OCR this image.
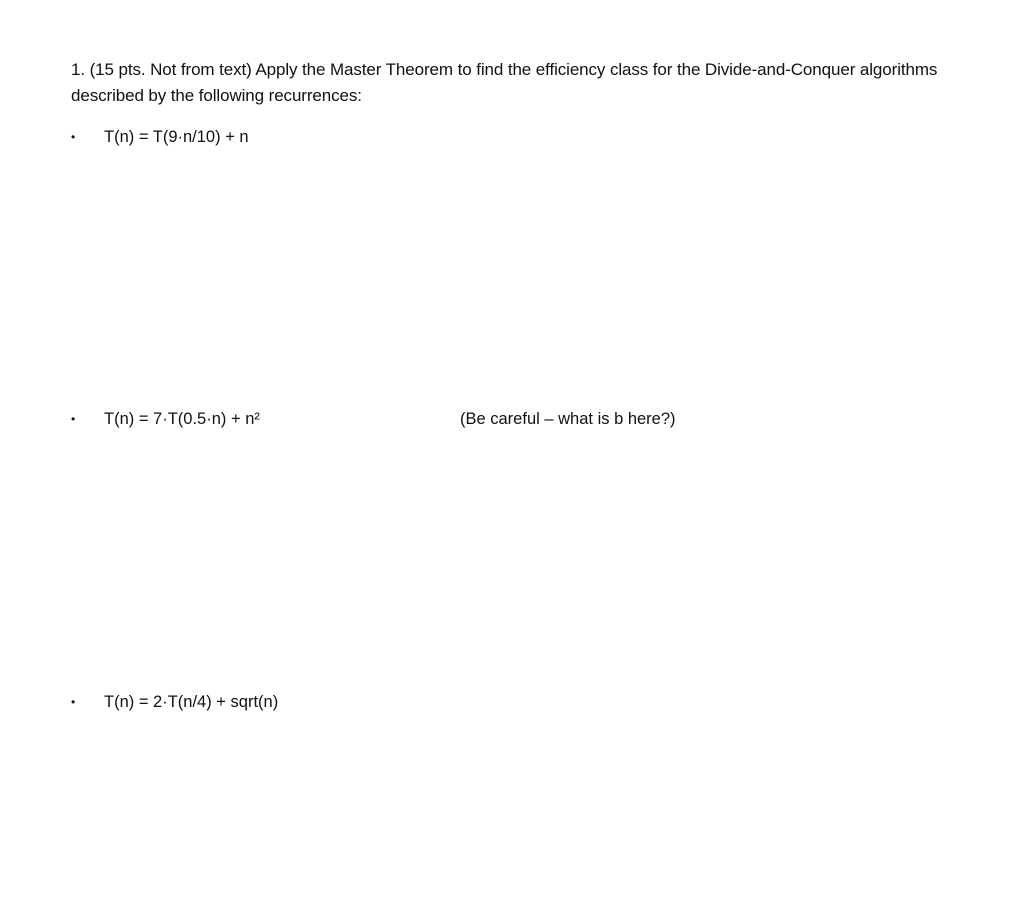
1. (15 pts. Not from text) Apply the Master Theorem to find the efficiency class for the Divide-and-Conquer algorithms described by the following recurrences:
•	T(n) = T(9·n/10) + n
•	T(n) = 7·T(0.5·n) + n²	(Be careful – what is b here?)
•	T(n) = 2·T(n/4) + sqrt(n)
